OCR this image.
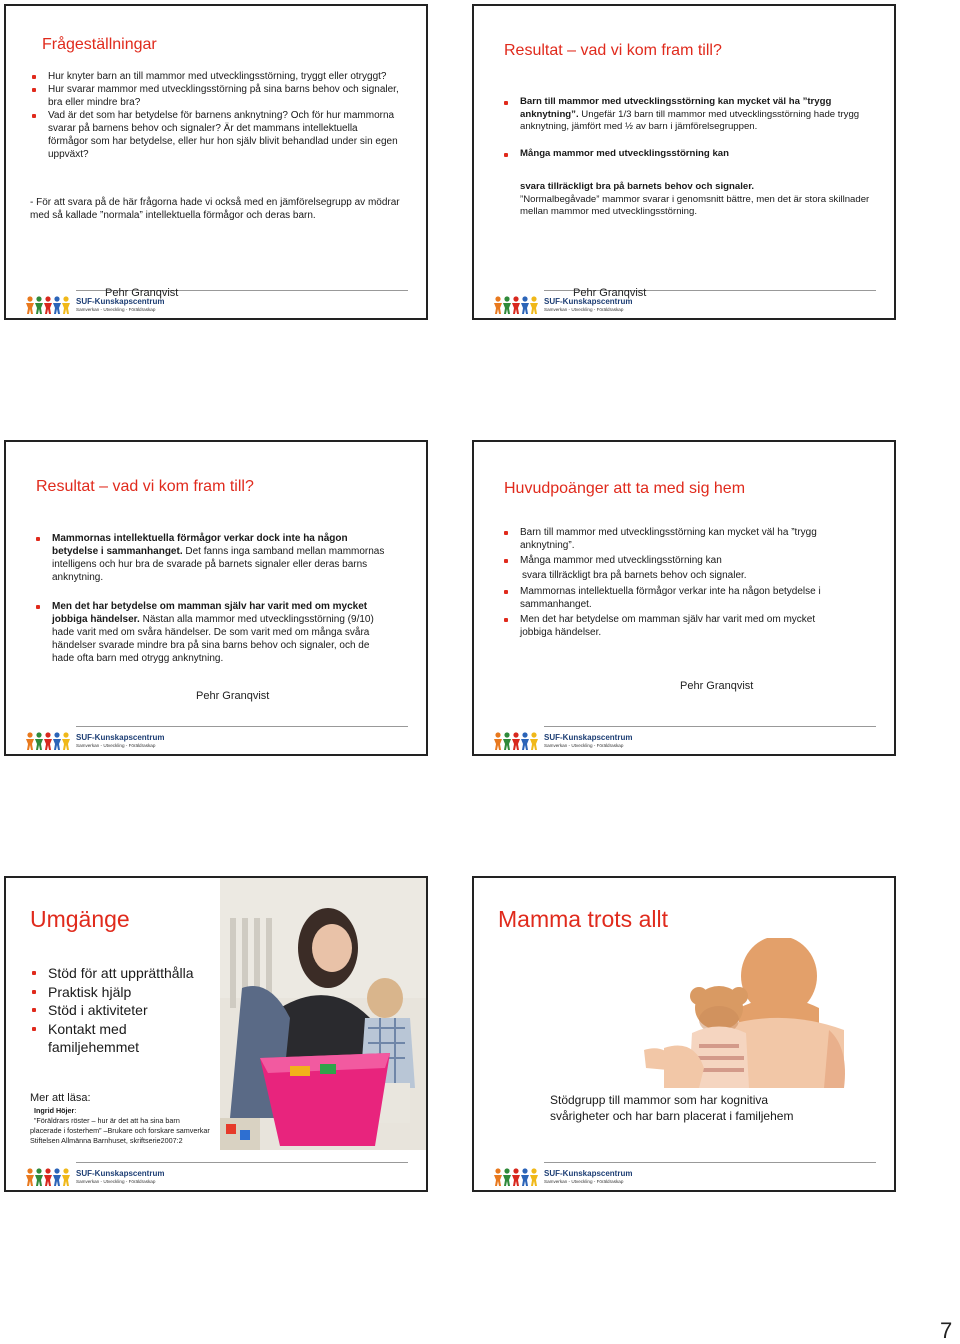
Frågeställningar
Hur knyter barn an till mammor med utvecklingsstörning, tryggt eller otryggt?
Hur svarar mammor med utvecklingsstörning på sina barns behov och signaler, bra eller mindre bra?
Vad är det som har betydelse för barnens anknytning? Och för hur mammorna svarar på barnens behov och signaler? Är det mammans intellektuella förmågor som har betydelse, eller hur hon själv blivit behandlad under sin egen uppväxt?
- För att svara på de här frågorna hade vi också med en jämförelsegrupp av mödrar med så kallade ”normala” intellektuella förmågor och deras barn.
SUF-Kunskapscentrum
Samverkan - Utveckling - Föräldraskap
Pehr Granqvist
Resultat – vad vi kom fram till?
Barn till mammor med utvecklingsstörning kan mycket väl ha ”trygg anknytning”. Ungefär 1/3 barn till mammor med utvecklingsstörning hade trygg anknytning, jämfört med ½ av barn i jämförelsegruppen.
Många mammor med utvecklingsstörning kan
svara tillräckligt bra på barnets behov och signaler.
”Normalbegåvade” mammor svarar i genomsnitt bättre, men det är stora skillnader mellan mammor med utvecklingsstörning.
SUF-Kunskapscentrum
Samverkan - Utveckling - Föräldraskap
Pehr Granqvist
Resultat – vad vi kom fram till?
Mammornas intellektuella förmågor verkar dock inte ha någon betydelse i sammanhanget. Det fanns inga samband mellan mammornas intelligens och hur bra de svarade på barnets signaler eller deras barns anknytning.
Men det har betydelse om mamman själv har varit med om mycket jobbiga händelser. Nästan alla mammor med utvecklingsstörning (9/10) hade varit med om svåra händelser. De som varit med om många svåra händelser svarade mindre bra på sina barns behov och signaler, och de hade ofta barn med otrygg anknytning.
Pehr Granqvist
SUF-Kunskapscentrum
Samverkan - Utveckling - Föräldraskap
Huvudpoänger att ta med sig hem
Barn till mammor med utvecklingsstörning kan mycket väl ha ”trygg anknytning”.
Många mammor med utvecklingsstörning kan
svara tillräckligt bra på barnets behov och signaler.
Mammornas intellektuella förmågor verkar inte ha någon betydelse i sammanhanget.
Men det har betydelse om mamman själv har varit med om mycket jobbiga händelser.
Pehr Granqvist
SUF-Kunskapscentrum
Samverkan - Utveckling - Föräldraskap
Umgänge
Stöd för att upprätthålla
Praktisk hjälp
Stöd i aktiviteter
Kontakt med familjehemmet
Mer att läsa:
Ingrid Höjer:
”Föräldrars röster – hur är det att ha sina barn
placerade i fosterhem” –Brukare och forskare samverkar
Stiftelsen Allmänna Barnhuset, skriftserie2007:2
SUF-Kunskapscentrum
Samverkan - Utveckling - Föräldraskap
Mamma trots allt
Stödgrupp till mammor som har kognitiva svårigheter och har barn placerat i familjehem
SUF-Kunskapscentrum
Samverkan - Utveckling - Föräldraskap
7
